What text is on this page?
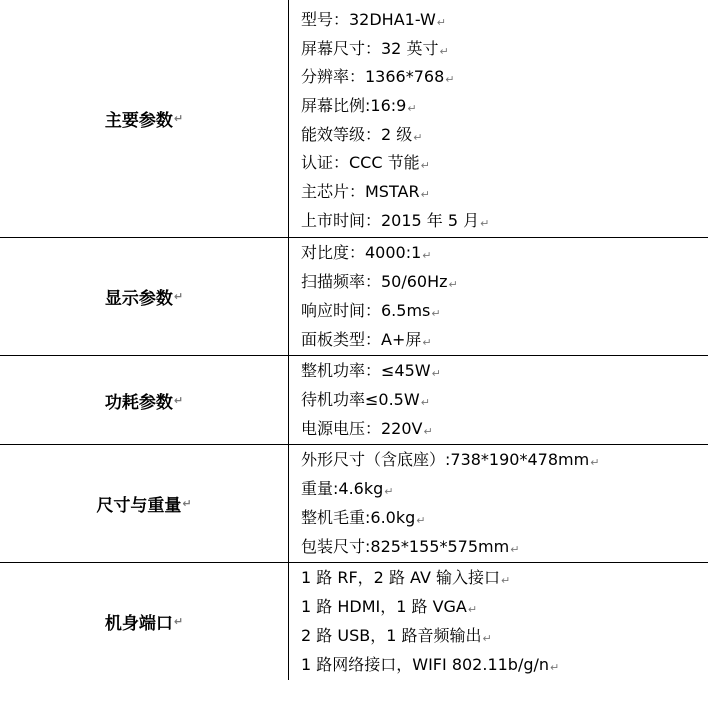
主要参数 ↵
型号：32DHA1-W↵
屏幕尺寸：32 英寸↵
分辨率：1366*768↵
屏幕比例:16:9↵
能效等级：2 级↵
认证：CCC 节能↵
主芯片：MSTAR↵
上市时间：2015 年 5 月↵
显示参数 ↵
对比度：4000:1↵
扫描频率：50/60Hz↵
响应时间：6.5ms↵
面板类型：A+屏↵
功耗参数 ↵
整机功率：≤45W↵
待机功率≤0.5W↵
电源电压：220V↵
尺寸与重量 ↵
外形尺寸（含底座）:738*190*478mm↵
重量:4.6kg↵
整机毛重:6.0kg↵
包装尺寸:825*155*575mm↵
机身端口 ↵
1 路 RF，2 路 AV 输入接口↵
1 路 HDMI，1 路 VGA↵
2 路 USB，1 路音频输出↵
1 路网络接口，WIFI 802.11b/g/n↵
